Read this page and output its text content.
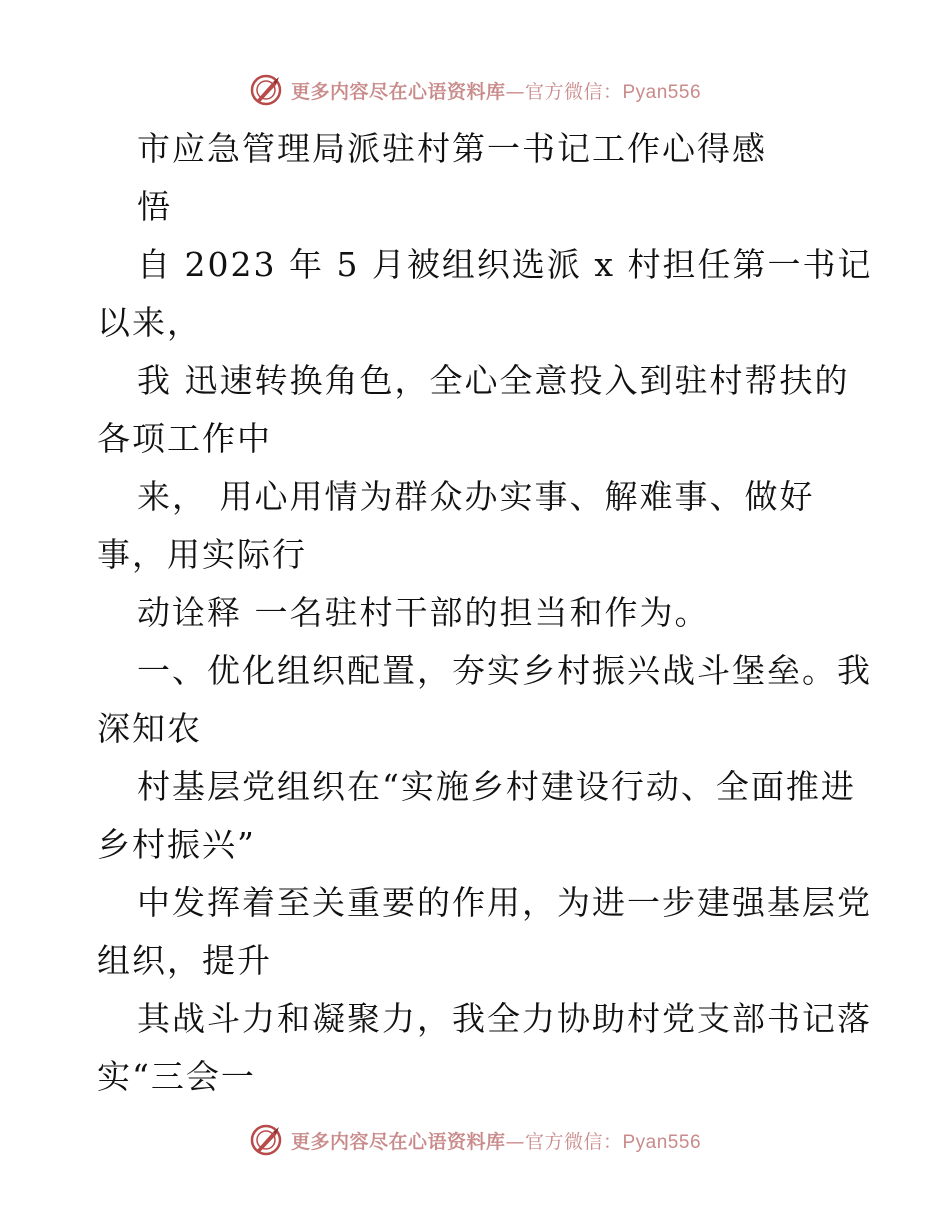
更多内容尽在心语资料库—官方微信：Pyan556
市应急管理局派驻村第一书记工作心得感
悟
自 2023 年 5 月被组织选派 x 村担任第一书记
以来，
我 迅速转换角色，全心全意投入到驻村帮扶的
各项工作中
来， 用心用情为群众办实事、解难事、做好
事，用实际行
动诠释 一名驻村干部的担当和作为。
一、优化组织配置，夯实乡村振兴战斗堡垒。我
深知农
村基层党组织在“实施乡村建设行动、全面推进
乡村振兴”
中发挥着至关重要的作用，为进一步建强基层党
组织，提升
其战斗力和凝聚力，我全力协助村党支部书记落
实“三会一
更多内容尽在心语资料库—官方微信：Pyan556
